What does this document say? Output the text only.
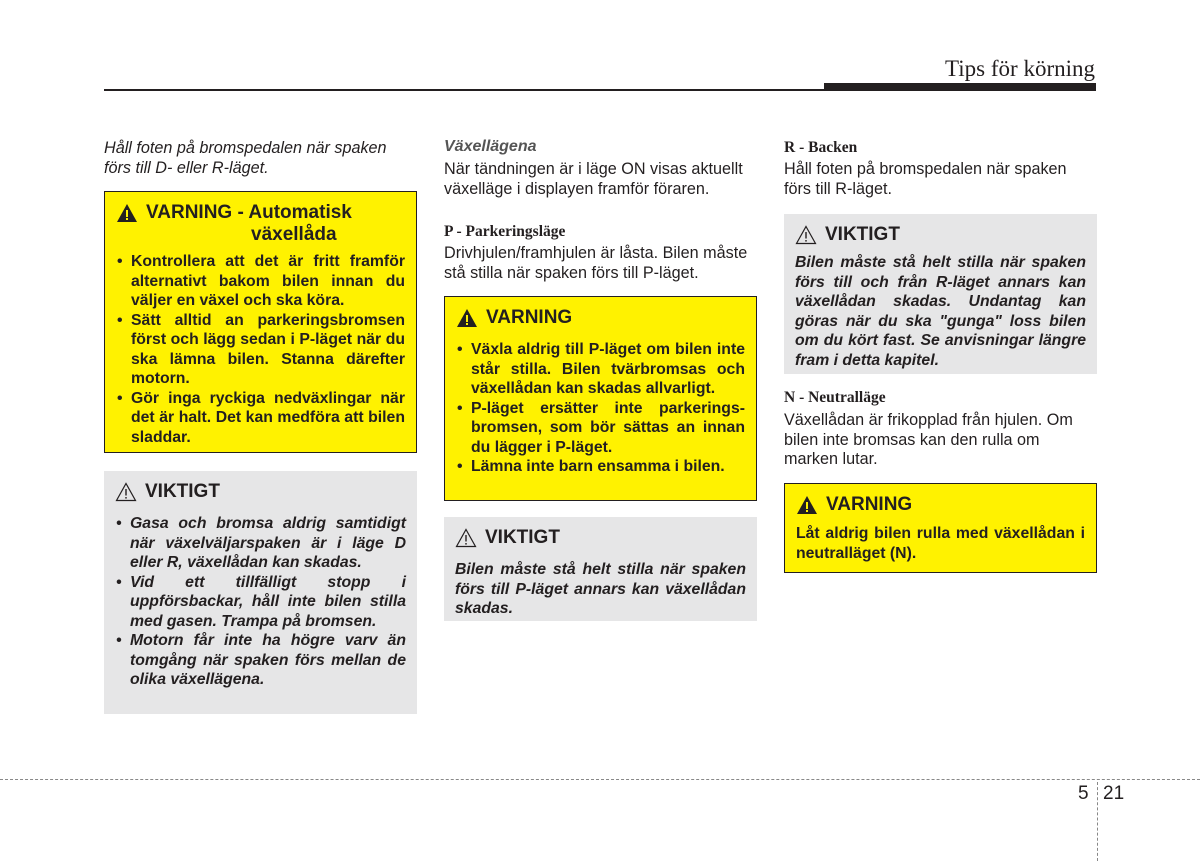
Tips för körning

Håll foten på bromspedalen när spaken förs till D- eller R-läget.

VARNING - Automatisk
växellåda
• Kontrollera att det är fritt framför alternativt bakom bilen innan du väljer en växel och ska köra.
• Sätt alltid an parkeringsbromsen först och lägg sedan i P-läget när du ska lämna bilen. Stanna därefter motorn.
• Gör inga ryckiga nedväxlingar när det är halt. Det kan medföra att bilen sladdar.
VIKTIGT
• Gasa och bromsa aldrig samtidigt när växelväljarspaken är i läge D eller R, växellådan kan skadas.
• Vid ett tillfälligt stopp i uppförsbackar, håll inte bilen stilla med gasen. Trampa på bromsen.
• Motorn får inte ha högre varv än tomgång när spaken förs mellan de olika växellägena.

Växellägena

När tändningen är i läge ON visas aktuellt växelläge i displayen framför föraren.

P - Parkeringsläge

Drivhjulen/framhjulen är låsta. Bilen måste stå stilla när spaken förs till P-läget.

VARNING
• Växla aldrig till P-läget om bilen inte står stilla. Bilen tvärbromsas och växellådan kan skadas allvarligt.
• P-läget ersätter inte parkerings-bromsen, som bör sättas an innan du lägger i P-läget.
• Lämna inte barn ensamma i bilen.
VIKTIGT

Bilen måste stå helt stilla när spaken förs till P-läget annars kan växellådan skadas.

R - Backen

Håll foten på bromspedalen när spaken förs till R-läget.

VIKTIGT

Bilen måste stå helt stilla när spaken förs till och från R-läget annars kan växellådan skadas. Undantag kan göras när du ska "gunga" loss bilen om du kört fast. Se anvisningar längre fram i detta kapitel.

N - Neutralläge

Växellådan är frikopplad från hjulen. Om bilen inte bromsas kan den rulla om marken lutar.

VARNING

Låt aldrig bilen rulla med växellådan i neutralläget (N).

5 21
